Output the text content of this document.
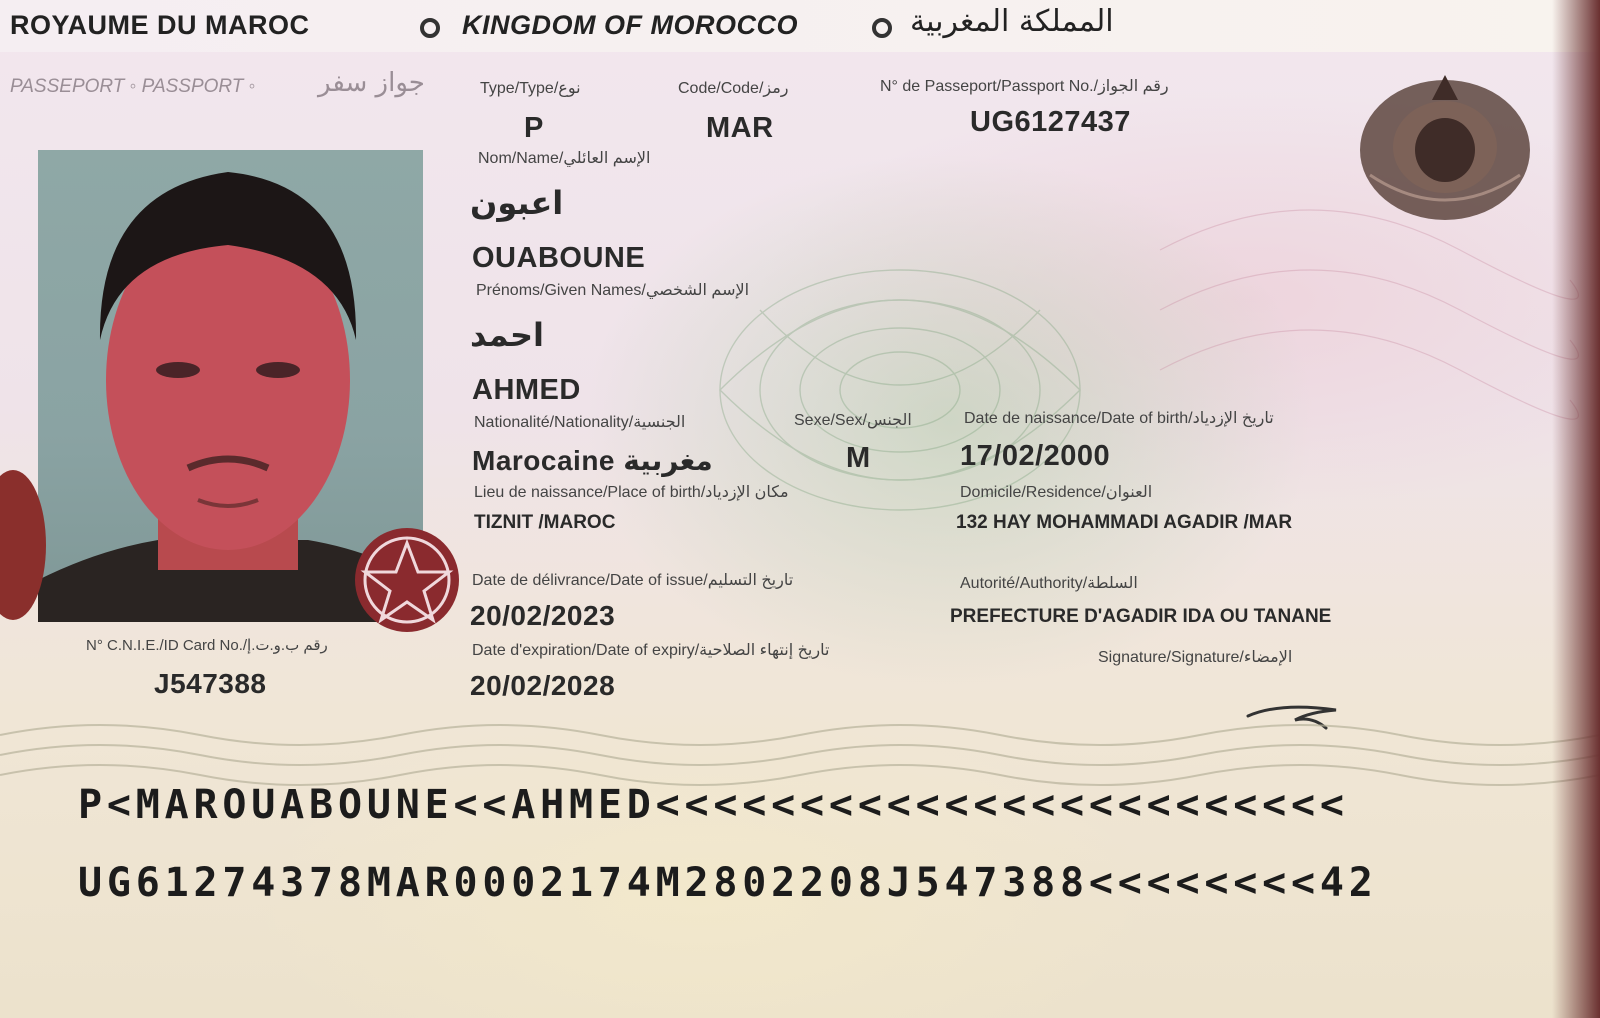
ROYAUME DU MAROC	KINGDOM OF MOROCCO	المملكة المغربية
PASSEPORT ◦ PASSPORT ◦ جواز سفر	Type/Type/نوع	Code/Code/رمز	N° de Passeport/Passport No./رقم الجواز
P	MAR	UG6127437
Nom/Name/الإسم العائلي
اعبون
OUABOUNE
Prénoms/Given Names/الإسم الشخصي
احمد
AHMED
Nationalité/Nationality/الجنسية	Sexe/Sex/الجنس	Date de naissance/Date of birth/تاريخ الإزدياد
Marocaine مغربية	M	17/02/2000
Lieu de naissance/Place of birth/مكان الإزدياد	Domicile/Residence/العنوان
TIZNIT /MAROC	132 HAY MOHAMMADI AGADIR /MAR
Date de délivrance/Date of issue/تاريخ التسليم	Autorité/Authority/السلطة
20/02/2023	PREFECTURE D'AGADIR IDA OU TANANE
Date d'expiration/Date of expiry/تاريخ إنتهاء الصلاحية	Signature/Signature/الإمضاء
20/02/2028
N° C.N.I.E./ID Card No./رقم ب.و.ت.إ
J547388
P<MAROUABOUNE<<AHMED<<<<<<<<<<<<<<<<<<<<<<<<
UG61274378MAR0002174M2802208J547388<<<<<<<<42
